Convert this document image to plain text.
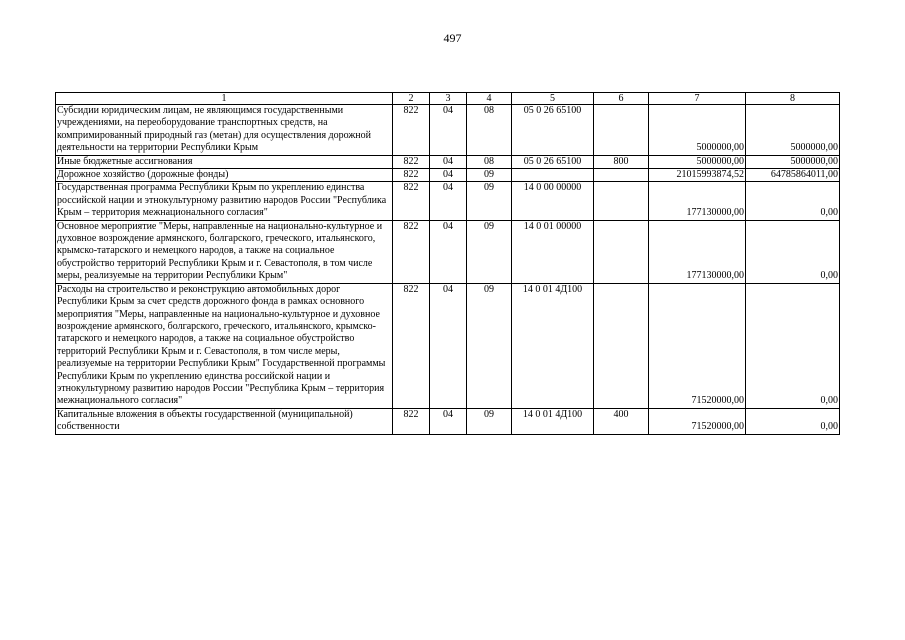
497
1	2	3	4	5	6	7	8
Субсидии юридическим лицам, не являющимся государственными учреждениями, на переоборудование транспортных средств, на компримированный природный газ (метан) для осуществления дорожной деятельности на территории Республики Крым	822	04	08	05 0 26 65100		5000000,00	5000000,00
Иные бюджетные ассигнования	822	04	08	05 0 26 65100	800	5000000,00	5000000,00
Дорожное хозяйство (дорожные фонды)	822	04	09			21015993874,52	64785864011,00
Государственная программа Республики Крым по укреплению единства российской нации и этнокультурному развитию народов России "Республика Крым – территория межнационального согласия"	822	04	09	14 0 00 00000		177130000,00	0,00
Основное мероприятие "Меры, направленные на национально-культурное и духовное возрождение армянского, болгарского, греческого, итальянского, крымско-татарского и немецкого народов, а также на социальное обустройство территорий Республики Крым и г. Севастополя, в том числе меры, реализуемые на территории Республики Крым"	822	04	09	14 0 01 00000		177130000,00	0,00
Расходы на строительство и реконструкцию автомобильных дорог Республики Крым за счет средств дорожного фонда в рамках основного мероприятия "Меры, направленные на национально-культурное и духовное возрождение армянского, болгарского, греческого, итальянского, крымско-татарского и немецкого народов, а также на социальное обустройство территорий Республики Крым и г. Севастополя, в том числе меры, реализуемые на территории Республики Крым" Государственной программы Республики Крым по укреплению единства российской нации и этнокультурному развитию народов России "Республика Крым – территория межнационального согласия"	822	04	09	14 0 01 4Д100		71520000,00	0,00
Капитальные вложения в объекты государственной (муниципальной) собственности	822	04	09	14 0 01 4Д100	400	71520000,00	0,00
